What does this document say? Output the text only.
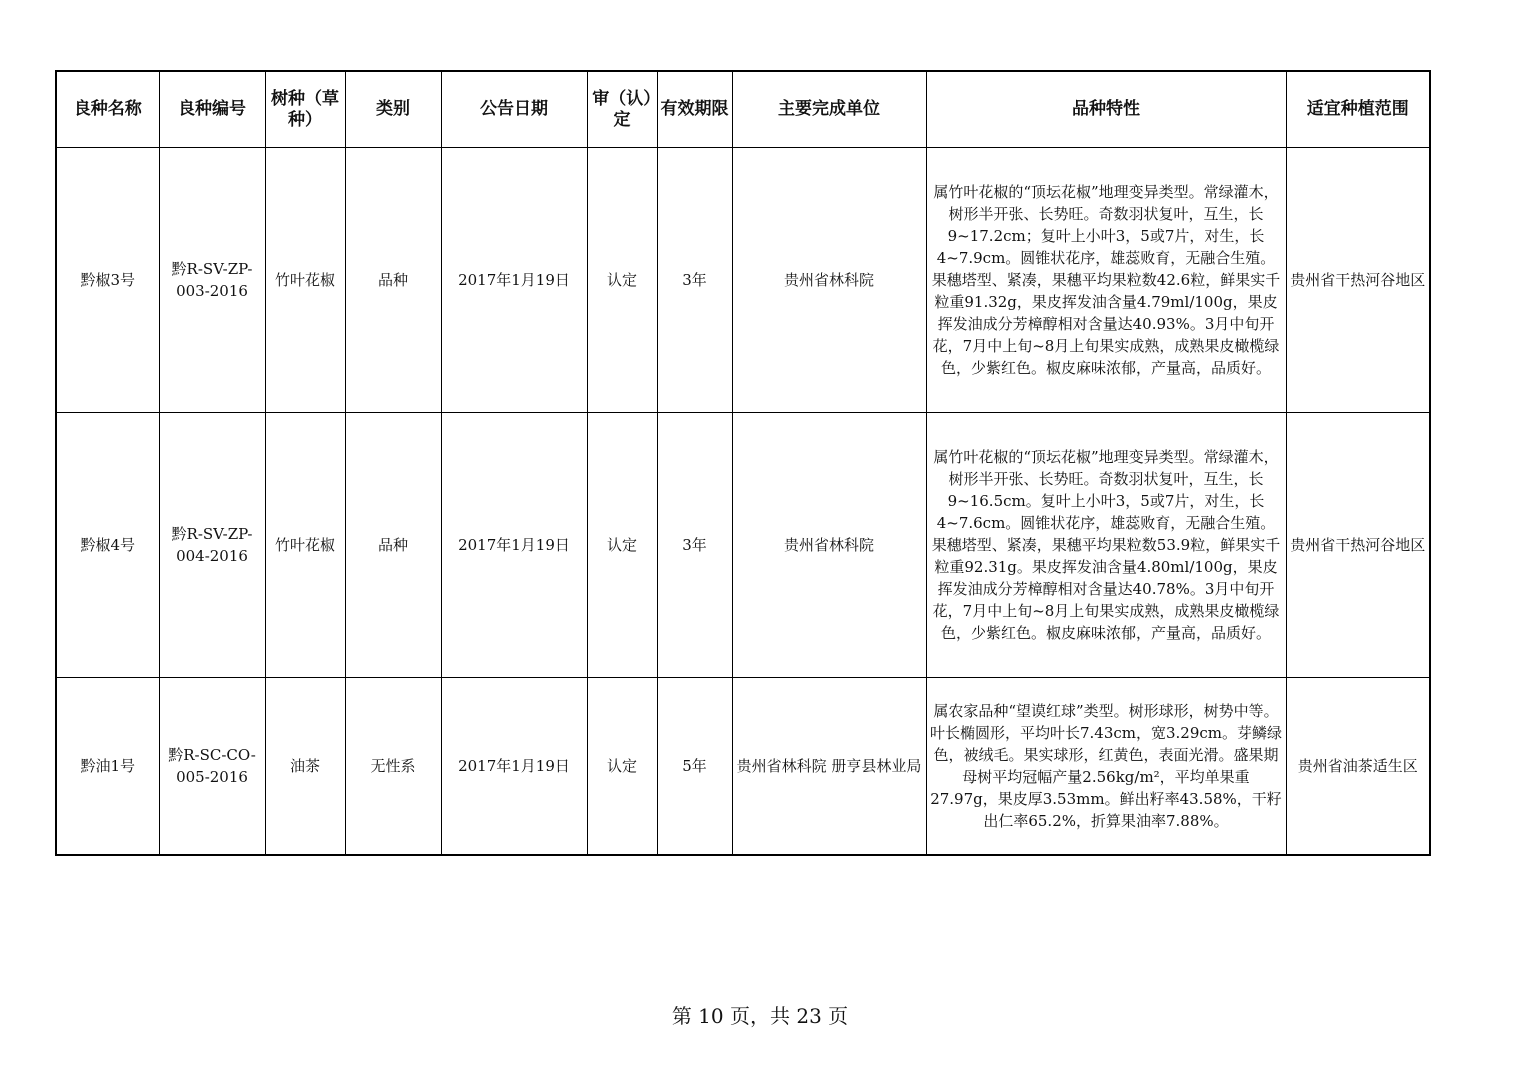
良种名称	良种编号	树种（草种）	类别	公告日期	审（认）定	有效期限	主要完成单位	品种特性	适宜种植范围
黔椒3号	黔R-SV-ZP-003-2016	竹叶花椒	品种	2017年1月19日	认定	3年	贵州省林科院	属竹叶花椒的“顶坛花椒”地理变异类型。常绿灌木，树形半开张、长势旺。奇数羽状复叶，互生，长9~17.2cm；复叶上小叶3，5或7片，对生，长4~7.9cm。圆锥状花序，雄蕊败育，无融合生殖。果穗塔型、紧凑，果穗平均果粒数42.6粒，鲜果实千粒重91.32g，果皮挥发油含量4.79ml/100g，果皮挥发油成分芳樟醇相对含量达40.93%。3月中旬开花，7月中上旬~8月上旬果实成熟，成熟果皮橄榄绿色，少紫红色。椒皮麻味浓郁，产量高，品质好。	贵州省干热河谷地区
黔椒4号	黔R-SV-ZP-004-2016	竹叶花椒	品种	2017年1月19日	认定	3年	贵州省林科院	属竹叶花椒的“顶坛花椒”地理变异类型。常绿灌木，树形半开张、长势旺。奇数羽状复叶，互生，长9~16.5cm。复叶上小叶3，5或7片，对生，长4~7.6cm。圆锥状花序，雄蕊败育，无融合生殖。果穗塔型、紧凑，果穗平均果粒数53.9粒，鲜果实千粒重92.31g。果皮挥发油含量4.80ml/100g，果皮挥发油成分芳樟醇相对含量达40.78%。3月中旬开花，7月中上旬~8月上旬果实成熟，成熟果皮橄榄绿色，少紫红色。椒皮麻味浓郁，产量高，品质好。	贵州省干热河谷地区
黔油1号	黔R-SC-CO-005-2016	油茶	无性系	2017年1月19日	认定	5年	贵州省林科院 册亨县林业局	属农家品种“望谟红球”类型。树形球形，树势中等。叶长椭圆形，平均叶长7.43cm，宽3.29cm。芽鳞绿色，被绒毛。果实球形，红黄色，表面光滑。盛果期母树平均冠幅产量2.56kg/m²，平均单果重27.97g，果皮厚3.53mm。鲜出籽率43.58%，干籽出仁率65.2%，折算果油率7.88%。	贵州省油茶适生区
第 10 页，共 23 页
